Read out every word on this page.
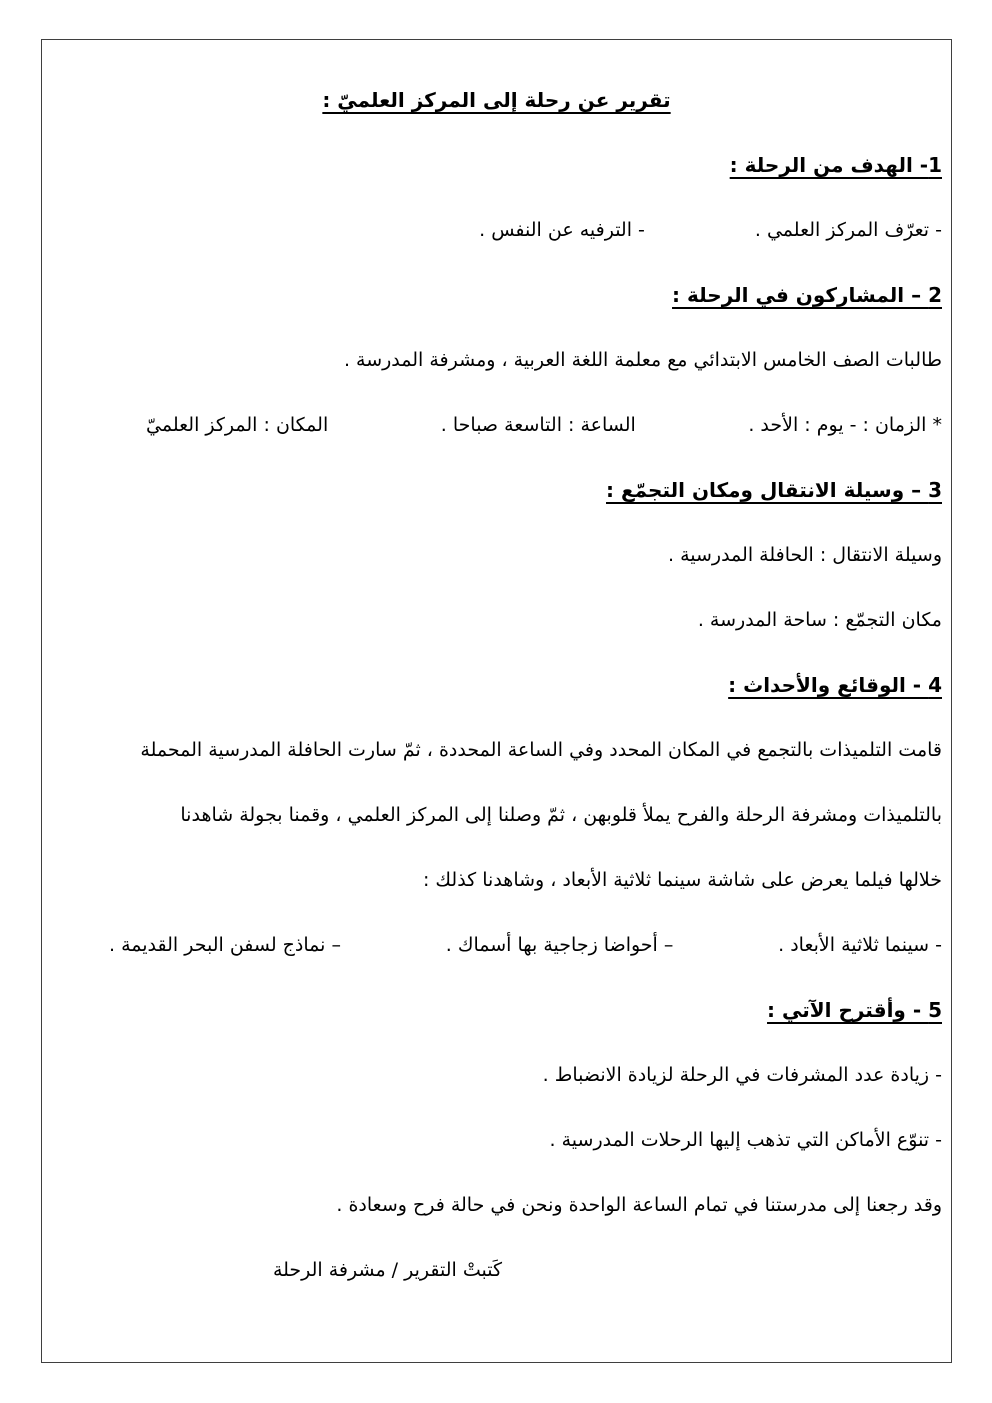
تقرير عن رحلة إلى المركز العلميّ :
1- الهدف من الرحلة :
- تعرّف المركز العلمي .
- الترفيه عن النفس .
2 – المشاركون في الرحلة :
طالبات الصف الخامس الابتدائي مع معلمة اللغة العربية ، ومشرفة المدرسة .
* الزمان : - يوم : الأحد .
الساعة : التاسعة صباحا .
المكان : المركز العلميّ
3 – وسيلة الانتقال ومكان التجمّع :
وسيلة الانتقال : الحافلة المدرسية .
مكان التجمّع : ساحة المدرسة .
4 - الوقائع والأحداث :
قامت التلميذات بالتجمع في المكان المحدد وفي الساعة المحددة ، ثمّ سارت الحافلة المدرسية المحملة
بالتلميذات ومشرفة الرحلة والفرح يملأ قلوبهن ، ثمّ وصلنا إلى المركز العلمي ، وقمنا بجولة شاهدنا
خلالها فيلما يعرض على شاشة سينما ثلاثية الأبعاد ، وشاهدنا كذلك :
- سينما ثلاثية الأبعاد .
– أحواضا زجاجية بها أسماك .
– نماذج لسفن البحر القديمة .
5 - وأقترح الآتي :
- زيادة عدد المشرفات في الرحلة لزيادة الانضباط .
- تنوّع الأماكن التي تذهب إليها الرحلات المدرسية .
وقد رجعنا إلى مدرستنا في تمام الساعة الواحدة ونحن في حالة فرح وسعادة .
كَتبتْ التقرير / مشرفة الرحلة
